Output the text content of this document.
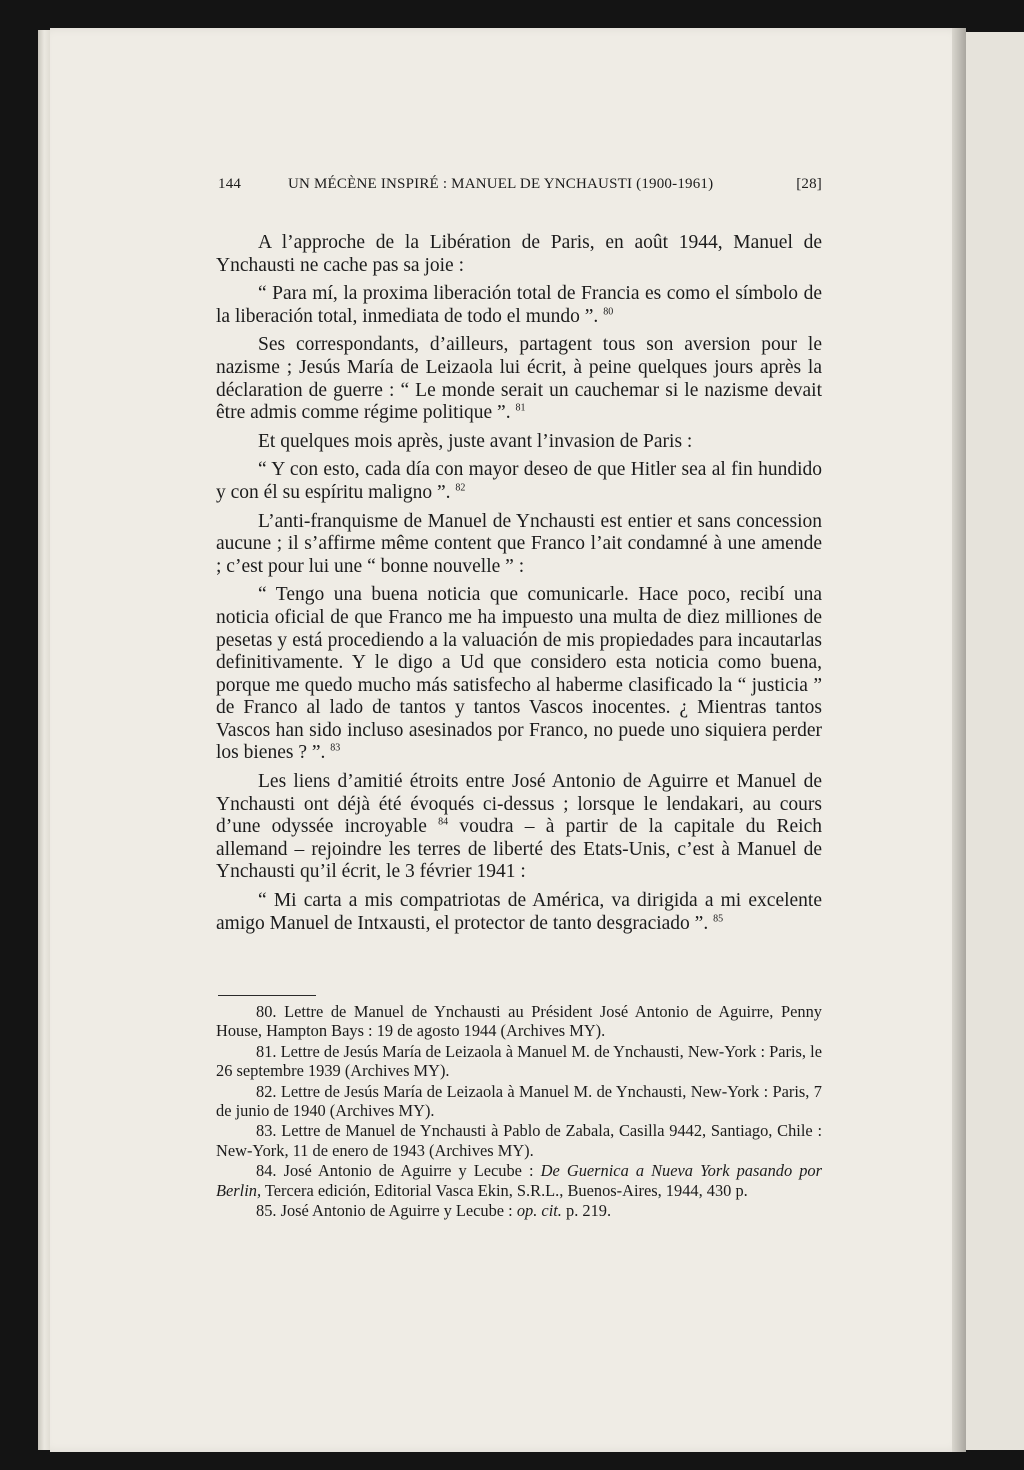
144	UN MÉCÈNE INSPIRÉ : MANUEL DE YNCHAUSTI (1900-1961)	[28]

A l’approche de la Libération de Paris, en août 1944, Manuel de Ynchausti ne cache pas sa joie :

“ Para mí, la proxima liberación total de Francia es como el símbolo de la liberación total, inmediata de todo el mundo ”. $^{80}$

Ses correspondants, d’ailleurs, partagent tous son aversion pour le nazisme ; Jesús María de Leizaola lui écrit, à peine quelques jours après la déclaration de guerre : “ Le monde serait un cauchemar si le nazisme devait être admis comme régime politique ”. $^{81}$

Et quelques mois après, juste avant l’invasion de Paris :

“ Y con esto, cada día con mayor deseo de que Hitler sea al fin hundido y con él su espíritu maligno ”. $^{82}$

L’anti-franquisme de Manuel de Ynchausti est entier et sans concession aucune ; il s’affirme même content que Franco l’ait condamné à une amende ; c’est pour lui une “ bonne nouvelle ” :

“ Tengo una buena noticia que comunicarle. Hace poco, recibí una noticia oficial de que Franco me ha impuesto una multa de diez milliones de pesetas y está procediendo a la valuación de mis propiedades para incautarlas definitivamente. Y le digo a Ud que considero esta noticia como buena, porque me quedo mucho más satisfecho al haberme clasificado la “ justicia ” de Franco al lado de tantos y tantos Vascos inocentes. ¿ Mientras tantos Vascos han sido incluso asesinados por Franco, no puede uno siquiera perder los bienes ? ”. $^{83}$

Les liens d’amitié étroits entre José Antonio de Aguirre et Manuel de Ynchausti ont déjà été évoqués ci-dessus ; lorsque le lendakari, au cours d’une odyssée incroyable $^{84}$ voudra – à partir de la capitale du Reich allemand – rejoindre les terres de liberté des Etats-Unis, c’est à Manuel de Ynchausti qu’il écrit, le 3 février 1941 :

“ Mi carta a mis compatriotas de América, va dirigida a mi excelente amigo Manuel de Intxausti, el protector de tanto desgraciado ”. $^{85}$

80. Lettre de Manuel de Ynchausti au Président José Antonio de Aguirre, Penny House, Hampton Bays : 19 de agosto 1944 (Archives MY).

81. Lettre de Jesús María de Leizaola à Manuel M. de Ynchausti, New-York : Paris, le 26 septembre 1939 (Archives MY).

82. Lettre de Jesús María de Leizaola à Manuel M. de Ynchausti, New-York : Paris, 7 de junio de 1940 (Archives MY).

83. Lettre de Manuel de Ynchausti à Pablo de Zabala, Casilla 9442, Santiago, Chile : New-York, 11 de enero de 1943 (Archives MY).

84. José Antonio de Aguirre y Lecube : De Guernica a Nueva York pasando por Berlin, Tercera edición, Editorial Vasca Ekin, S.R.L., Buenos-Aires, 1944, 430 p.

85. José Antonio de Aguirre y Lecube : op. cit. p. 219.
